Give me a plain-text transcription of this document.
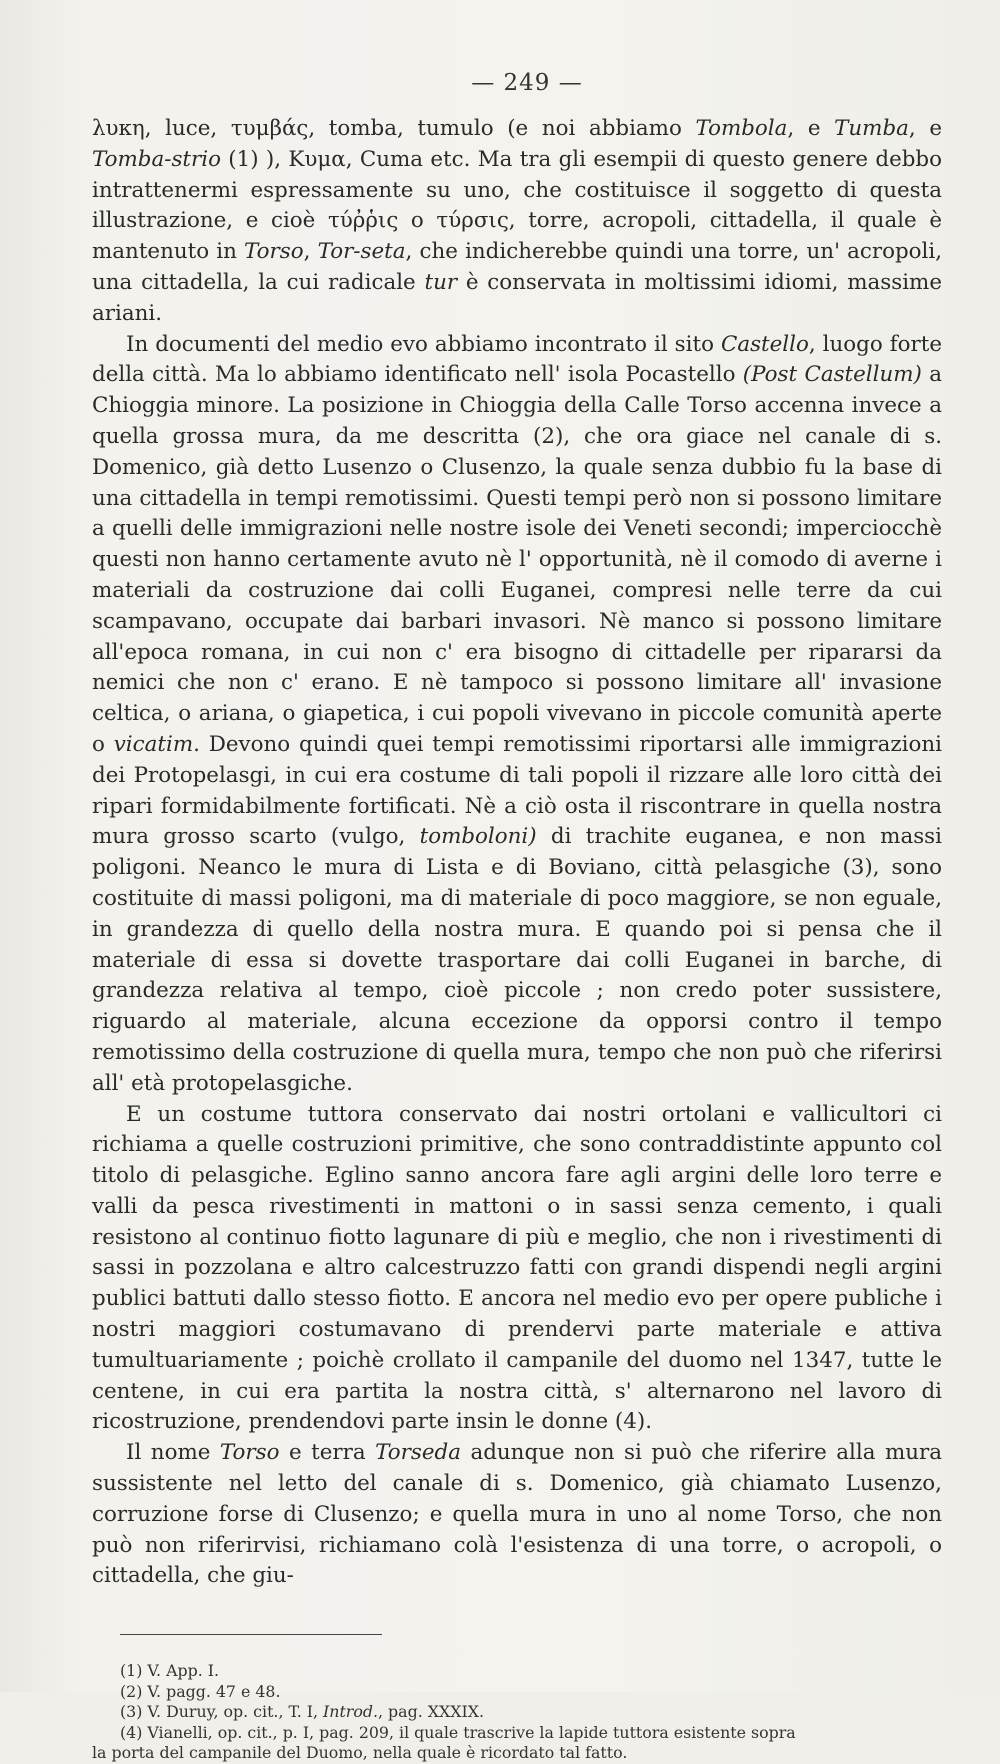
— 249 —

λυκη, luce, τυμβάς, tomba, tumulo (e noi abbiamo Tombola, e Tumba, e Tomba-strio (1) ), Κυμα, Cuma etc. Ma tra gli esempii di questo genere debbo intrattenermi espressamente su uno, che costituisce il soggetto di questa illustrazione, e cioè τύῤῥις o τύρσις, torre, acropoli, cittadella, il quale è mantenuto in Torso, Tor-seta, che indicherebbe quindi una torre, un' acropoli, una cittadella, la cui radicale tur è conservata in moltissimi idiomi, massime ariani.

In documenti del medio evo abbiamo incontrato il sito Castello, luogo forte della città. Ma lo abbiamo identificato nell' isola Pocastello (Post Castellum) a Chioggia minore. La posizione in Chioggia della Calle Torso accenna invece a quella grossa mura, da me descritta (2), che ora giace nel canale di s. Domenico, già detto Lusenzo o Clusenzo, la quale senza dubbio fu la base di una cittadella in tempi remotissimi. Questi tempi però non si possono limitare a quelli delle immigrazioni nelle nostre isole dei Veneti secondi; imperciocchè questi non hanno certamente avuto nè l' opportunità, nè il comodo di averne i materiali da costruzione dai colli Euganei, compresi nelle terre da cui scampavano, occupate dai barbari invasori. Nè manco si possono limitare all'epoca romana, in cui non c' era bisogno di cittadelle per ripararsi da nemici che non c' erano. E nè tampoco si possono limitare all' invasione celtica, o ariana, o giapetica, i cui popoli vivevano in piccole comunità aperte o vicatim. Devono quindi quei tempi remotissimi riportarsi alle immigrazioni dei Protopelasgi, in cui era costume di tali popoli il rizzare alle loro città dei ripari formidabilmente fortificati. Nè a ciò osta il riscontrare in quella nostra mura grosso scarto (vulgo, tomboloni) di trachite euganea, e non massi poligoni. Neanco le mura di Lista e di Boviano, città pelasgiche (3), sono costituite di massi poligoni, ma di materiale di poco maggiore, se non eguale, in grandezza di quello della nostra mura. E quando poi si pensa che il materiale di essa si dovette trasportare dai colli Euganei in barche, di grandezza relativa al tempo, cioè piccole ; non credo poter sussistere, riguardo al materiale, alcuna eccezione da opporsi contro il tempo remotissimo della costruzione di quella mura, tempo che non può che riferirsi all' età protopelasgiche.

E un costume tuttora conservato dai nostri ortolani e vallicultori ci richiama a quelle costruzioni primitive, che sono contraddistinte appunto col titolo di pelasgiche. Eglino sanno ancora fare agli argini delle loro terre e valli da pesca rivestimenti in mattoni o in sassi senza cemento, i quali resistono al continuo fiotto lagunare di più e meglio, che non i rivestimenti di sassi in pozzolana e altro calcestruzzo fatti con grandi dispendi negli argini publici battuti dallo stesso fiotto. E ancora nel medio evo per opere publiche i nostri maggiori costumavano di prendervi parte materiale e attiva tumultuariamente ; poichè crollato il campanile del duomo nel 1347, tutte le centene, in cui era partita la nostra città, s' alternarono nel lavoro di ricostruzione, prendendovi parte insin le donne (4).

Il nome Torso e terra Torseda adunque non si può che riferire alla mura sussistente nel letto del canale di s. Domenico, già chiamato Lusenzo, corruzione forse di Clusenzo; e quella mura in uno al nome Torso, che non può non riferirvisi, richiamano colà l'esistenza di una torre, o acropoli, o cittadella, che giu-

(1) V. App. I.
(2) V. pagg. 47 e 48.
(3) V. Duruy, op. cit., T. I, Introd., pag. XXXIX.
(4) Vianelli, op. cit., p. I, pag. 209, il quale trascrive la lapide tuttora esistente sopra
la porta del campanile del Duomo, nella quale è ricordato tal fatto.
